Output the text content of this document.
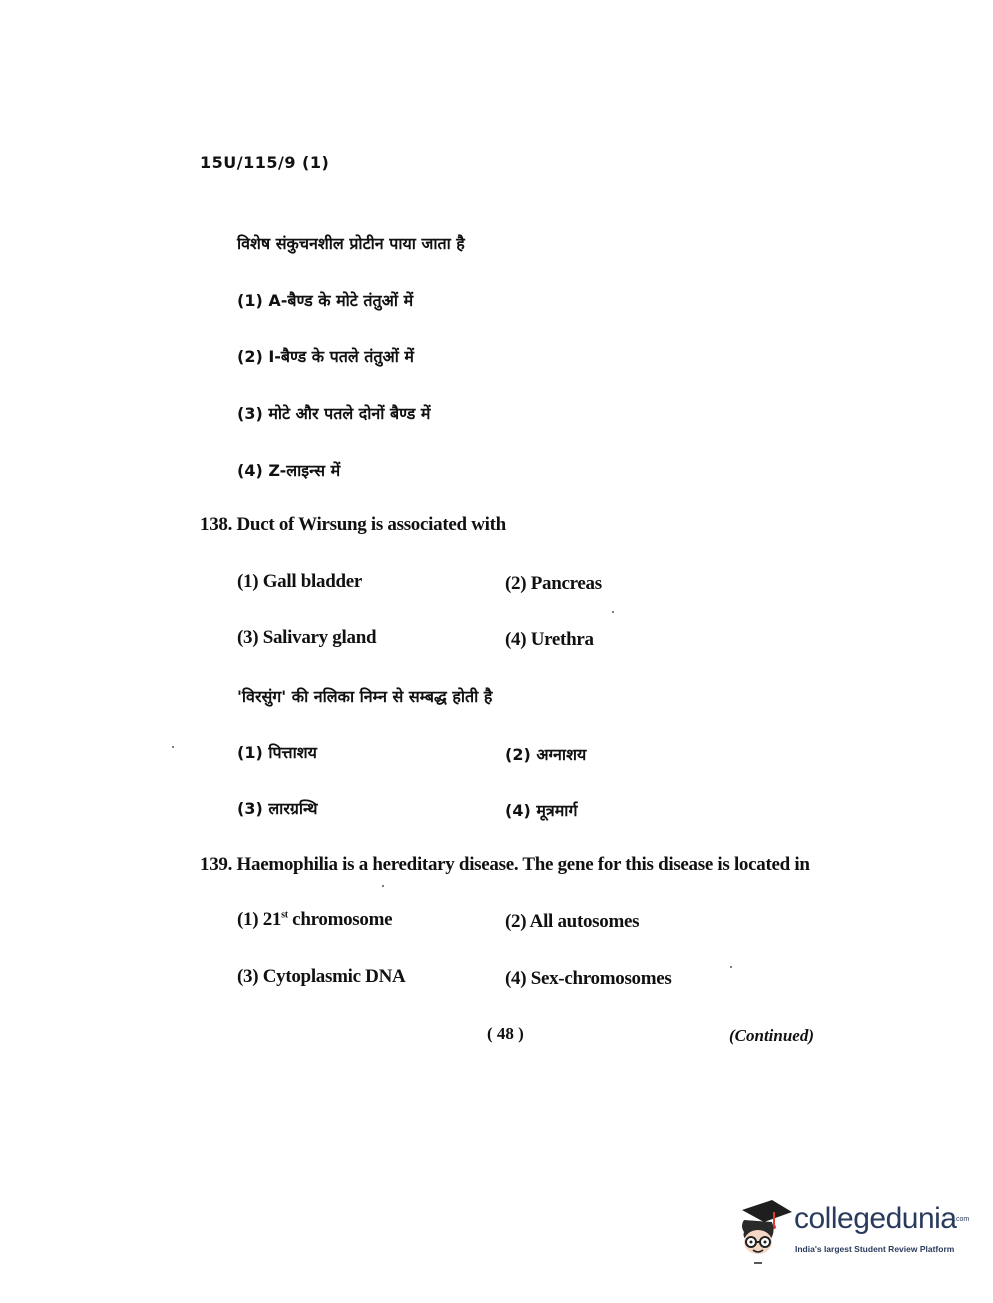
15U/115/9 (1)
विशेष संकुचनशील प्रोटीन पाया जाता है
(1) A-बैण्ड के मोटे तंतुओं में
(2) I-बैण्ड के पतले तंतुओं में
(3) मोटे और पतले दोनों बैण्ड में
(4) Z-लाइन्स में
138. Duct of Wirsung is associated with
(1) Gall bladder	(2) Pancreas
(3) Salivary gland	(4) Urethra
'विरसुंग' की नलिका निम्न से सम्बद्ध होती है
(1) पित्ताशय	(2) अग्नाशय
(3) लारग्रन्थि	(4) मूत्रमार्ग
139. Haemophilia is a hereditary disease. The gene for this disease is located in
(1) 21st chromosome	(2) All autosomes
(3) Cytoplasmic DNA	(4) Sex-chromosomes
( 48 )	(Continued)
collegedunia
.com
India's largest Student Review Platform
